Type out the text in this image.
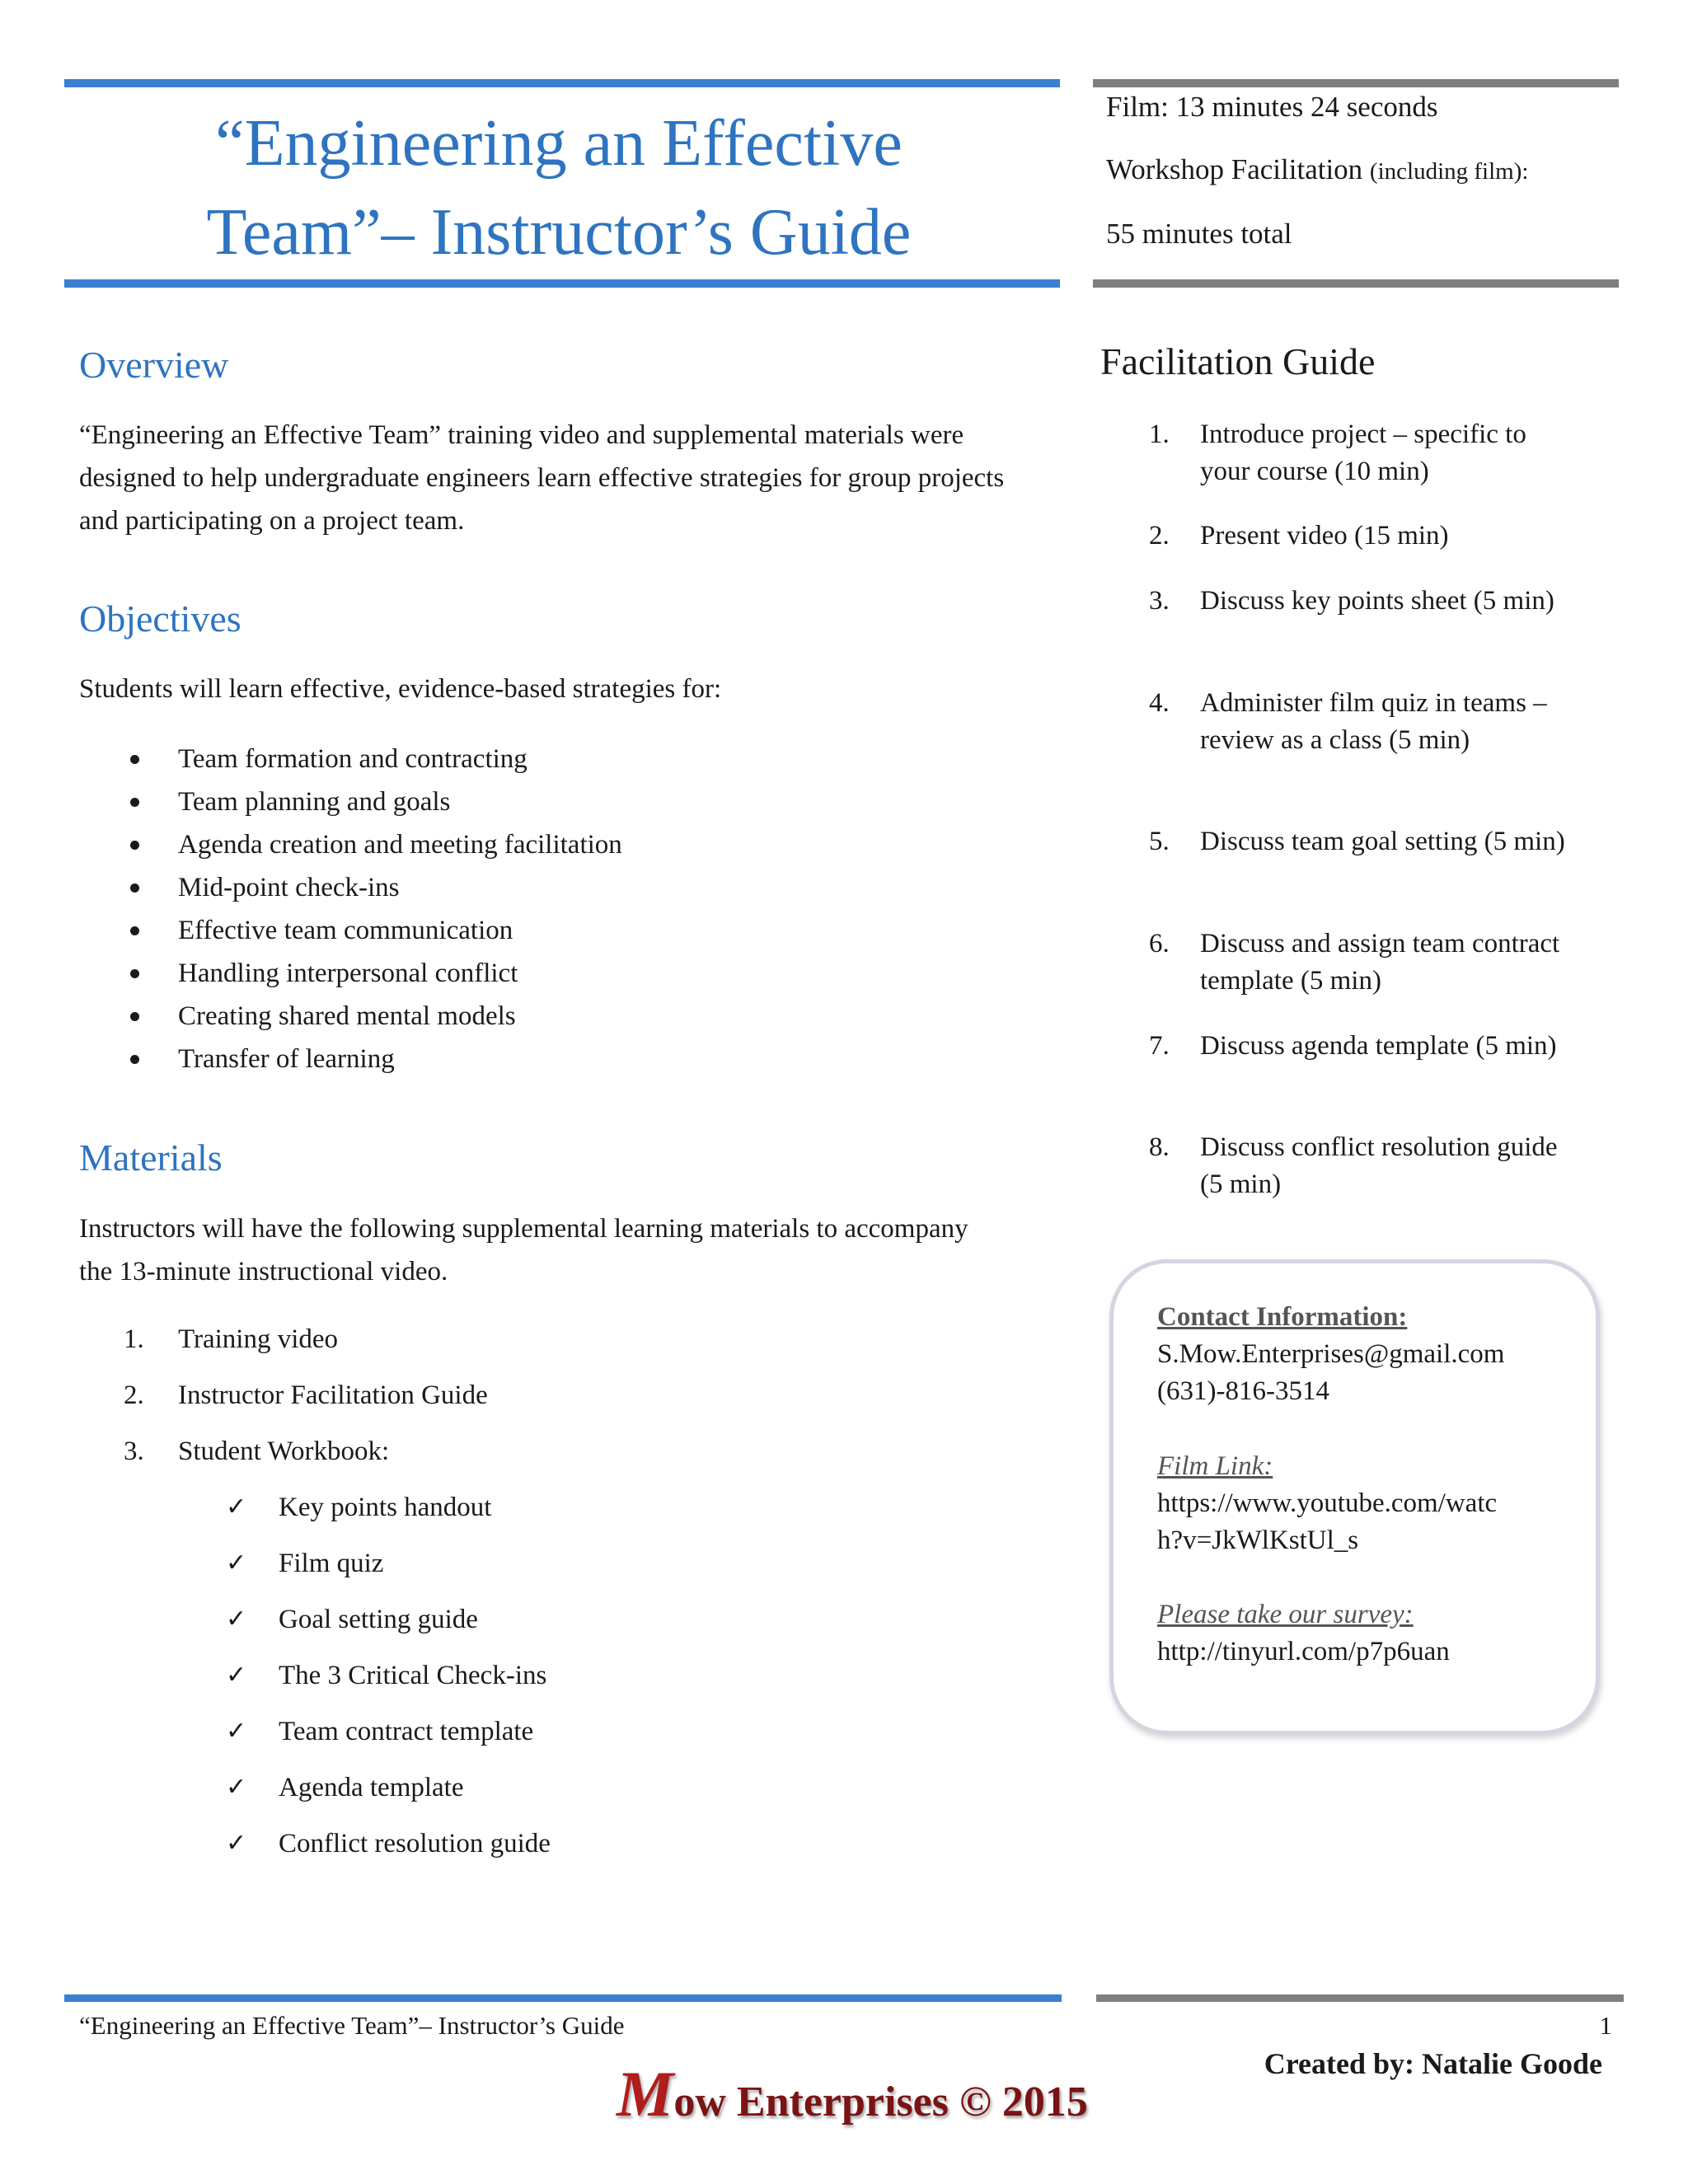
“Engineering an Effective
Team”– Instructor’s Guide
Film: 13 minutes 24 seconds
Workshop Facilitation (including film):
55 minutes total
Overview

“Engineering an Effective Team” training video and supplemental materials were designed to help undergraduate engineers learn effective strategies for group projects and participating on a project team.

Objectives

Students will learn effective, evidence-based strategies for:

Team formation and contracting
Team planning and goals
Agenda creation and meeting facilitation
Mid-point check-ins
Effective team communication
Handling interpersonal conflict
Creating shared mental models
Transfer of learning
Materials

Instructors will have the following supplemental learning materials to accompany the 13-minute instructional video.

1. Training video
2. Instructor Facilitation Guide
3. Student Workbook:
✓ Key points handout
✓ Film quiz
✓ Goal setting guide
✓ The 3 Critical Check-ins
✓ Team contract template
✓ Agenda template
✓ Conflict resolution guide
Facilitation Guide
1. Introduce project – specific to your course (10 min)
2. Present video (15 min)
3. Discuss key points sheet (5 min)
4. Administer film quiz in teams – review as a class (5 min)
5. Discuss team goal setting (5 min)
6. Discuss and assign team contract template (5 min)
7. Discuss agenda template (5 min)
8. Discuss conflict resolution guide (5 min)
Contact Information:
S.Mow.Enterprises@gmail.com
(631)-816-3514
Film Link:
https://www.youtube.com/watc
h?v=JkWlKstUl_s
Please take our survey:
http://tinyurl.com/p7p6uan
“Engineering an Effective Team”– Instructor’s Guide	1
Created by: Natalie Goode
Mow Enterprises © 2015
